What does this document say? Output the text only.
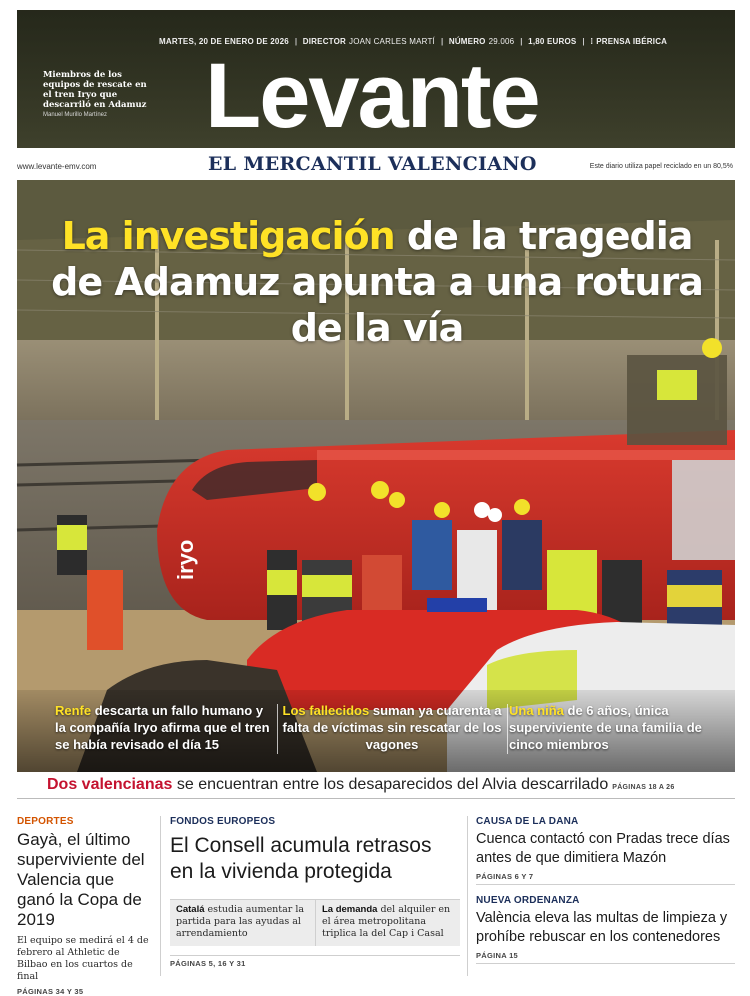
iryo
MARTES, 20 DE ENERO DE 2026 | DIRECTOR JOAN CARLES MARTÍ | NÚMERO 29.006 | 1,80 EUROS | ⁞ PRENSA IBÉRICA
Miembros de los equipos de rescate en el tren Iryo que descarriló en Adamuz
Manuel Murillo Martínez Levante
www.levante-emv.com	EL MERCANTIL VALENCIANO	Este diario utiliza papel reciclado en un 80,5%
La investigación de la tragedia de Adamuz apunta a una rotura de la vía
Renfe descarta un fallo humano y la compañía Iryo afirma que el tren se había revisado el día 15
Los fallecidos suman ya cuarenta a falta de víctimas sin rescatar de los vagones
Una niña de 6 años, única superviviente de una familia de cinco miembros
Dos valencianas se encuentran entre los desaparecidos del Alvia descarrilado PÁGINAS 18 A 26
DEPORTES
Gayà, el último superviviente del Valencia que ganó la Copa de 2019
El equipo se medirá el 4 de febrero al Athletic de Bilbao en los cuartos de final
PÁGINAS 34 Y 35
FONDOS EUROPEOS
El Consell acumula retrasos en la vivienda protegida
Catalá estudia aumentar la partida para las ayudas al arrendamiento
La demanda del alquiler en el área metropolitana triplica la del Cap i Casal
PÁGINAS 5, 16 Y 31
CAUSA DE LA DANA
Cuenca contactó con Pradas trece días antes de que dimitiera Mazón
PÁGINAS 6 Y 7
NUEVA ORDENANZA
València eleva las multas de limpieza y prohíbe rebuscar en los contenedores
PÁGINA 15
